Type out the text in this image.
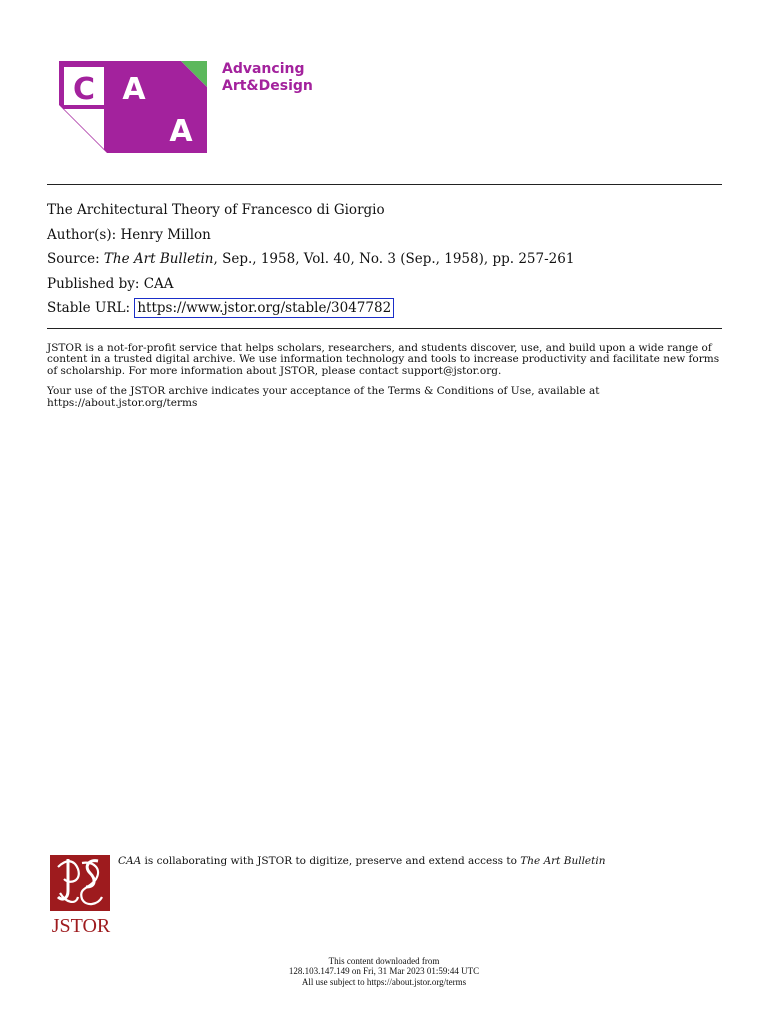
C A
A
Advancing
Art&Design
The Architectural Theory of Francesco di Giorgio
Author(s): Henry Millon
Source: The Art Bulletin, Sep., 1958, Vol. 40, No. 3 (Sep., 1958), pp. 257-261
Published by: CAA
Stable URL: https://www.jstor.org/stable/3047782

JSTOR is a not-for-profit service that helps scholars, researchers, and students discover, use, and build upon a wide range of content in a trusted digital archive. We use information technology and tools to increase productivity and facilitate new forms of scholarship. For more information about JSTOR, please contact support@jstor.org.

Your use of the JSTOR archive indicates your acceptance of the Terms & Conditions of Use, available at https://about.jstor.org/terms

JSTOR
CAA is collaborating with JSTOR to digitize, preserve and extend access to The Art Bulletin
This content downloaded from
128.103.147.149 on Fri, 31 Mar 2023 01:59:44 UTC
All use subject to https://about.jstor.org/terms
